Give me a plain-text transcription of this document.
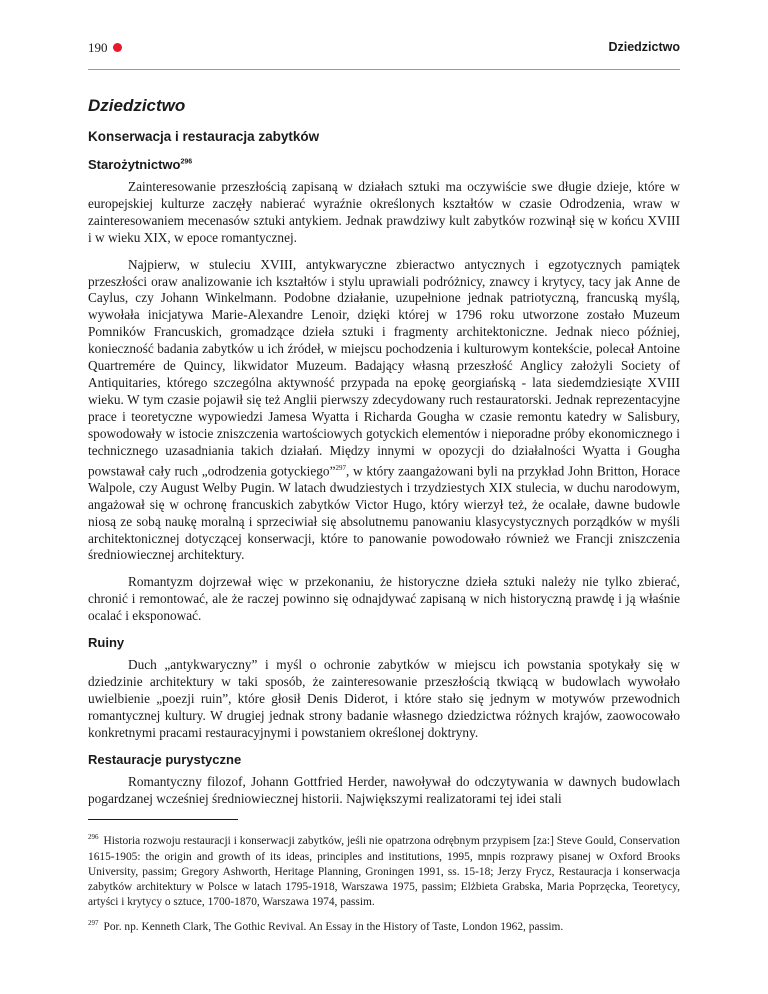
190	Dziedzictwo
Dziedzictwo
Konserwacja i restauracja zabytków
Starożytnictwo$^{296}$

Zainteresowanie przeszłością zapisaną w działach sztuki ma oczywiście swe długie dzieje, które w europejskiej kulturze zaczęły nabierać wyraźnie określonych kształtów w czasie Odrodzenia, wraw w zainteresowaniem mecenasów sztuki antykiem. Jednak prawdziwy kult zabytków rozwinął się w końcu XVIII i w wieku XIX, w epoce romantycznej.

Najpierw, w stuleciu XVIII, antykwaryczne zbieractwo antycznych i egzotycznych pamiątek przeszłości oraw analizowanie ich kształtów i stylu uprawiali podróżnicy, znawcy i krytycy, tacy jak Anne de Caylus, czy Johann Winkelmann. Podobne działanie, uzupełnione jednak patriotyczną, francuską myślą, wywołała inicjatywa Marie-Alexandre Lenoir, dzięki której w 1796 roku utworzone zostało Muzeum Pomników Francuskich, gromadzące dzieła sztuki i fragmenty architektoniczne. Jednak nieco później, konieczność badania zabytków u ich źródeł, w miejscu pochodzenia i kulturowym kontekście, polecał Antoine Quartremére de Quincy, likwidator Muzeum. Badający własną przeszłość Anglicy założyli Society of Antiquitaries, którego szczególna aktywność przypada na epokę georgiańską - lata siedemdziesiąte XVIII wieku. W tym czasie pojawił się też Anglii pierwszy zdecydowany ruch restauratorski. Jednak reprezentacyjne prace i teoretyczne wypowiedzi Jamesa Wyatta i Richarda Gougha w czasie remontu katedry w Salisbury, spowodowały w istocie zniszczenia wartościowych gotyckich elementów i nieporadne próby ekonomicznego i technicznego uzasadniania takich działań. Między innymi w opozycji do działalności Wyatta i Gougha powstawał cały ruch „odrodzenia gotyckiego”$^{297}$, w który zaangażowani byli na przykład John Britton, Horace Walpole, czy August Welby Pugin. W latach dwudziestych i trzydziestych XIX stulecia, w duchu narodowym, angażował się w ochronę francuskich zabytków Victor Hugo, który wierzył też, że ocalałe, dawne budowle niosą ze sobą naukę moralną i sprzeciwiał się absolutnemu panowaniu klasycystycznych porządków w myśli architektonicznej dotyczącej konserwacji, które to panowanie powodowało również we Francji zniszczenia średniowiecznej architektury.

Romantyzm dojrzewał więc w przekonaniu, że historyczne dzieła sztuki należy nie tylko zbierać, chronić i remontować, ale że raczej powinno się odnajdywać zapisaną w nich historyczną prawdę i ją właśnie ocalać i eksponować.

Ruiny

Duch „antykwaryczny” i myśl o ochronie zabytków w miejscu ich powstania spotykały się w dziedzinie architektury w taki sposób, że zainteresowanie przeszłością tkwiącą w budowlach wywołało uwielbienie „poezji ruin”, które głosił Denis Diderot, i które stało się jednym w motywów przewodnich romantycznej kultury. W drugiej jednak strony badanie własnego dziedzictwa różnych krajów, zaowocowało konkretnymi pracami restauracyjnymi i powstaniem określonej doktryny.

Restauracje purystyczne

Romantyczny filozof, Johann Gottfried Herder, nawoływał do odczytywania w dawnych budowlach pogardzanej wcześniej średniowiecznej historii. Największymi realizatorami tej idei stali

$^{296}$ Historia rozwoju restauracji i konserwacji zabytków, jeśli nie opatrzona odrębnym przypisem [za:] Steve Gould, Conservation 1615-1905: the origin and growth of its ideas, principles and institutions, 1995, mnpis rozprawy pisanej w Oxford Brooks University, passim; Gregory Ashworth, Heritage Planning, Groningen 1991, ss. 15-18; Jerzy Frycz, Restauracja i konserwacja zabytków architektury w Polsce w latach 1795-1918, Warszawa 1975, passim; Elżbieta Grabska, Maria Poprzęcka, Teoretycy, artyści i krytycy o sztuce, 1700-1870, Warszawa 1974, passim.

$^{297}$ Por. np. Kenneth Clark, The Gothic Revival. An Essay in the History of Taste, London 1962, passim.
